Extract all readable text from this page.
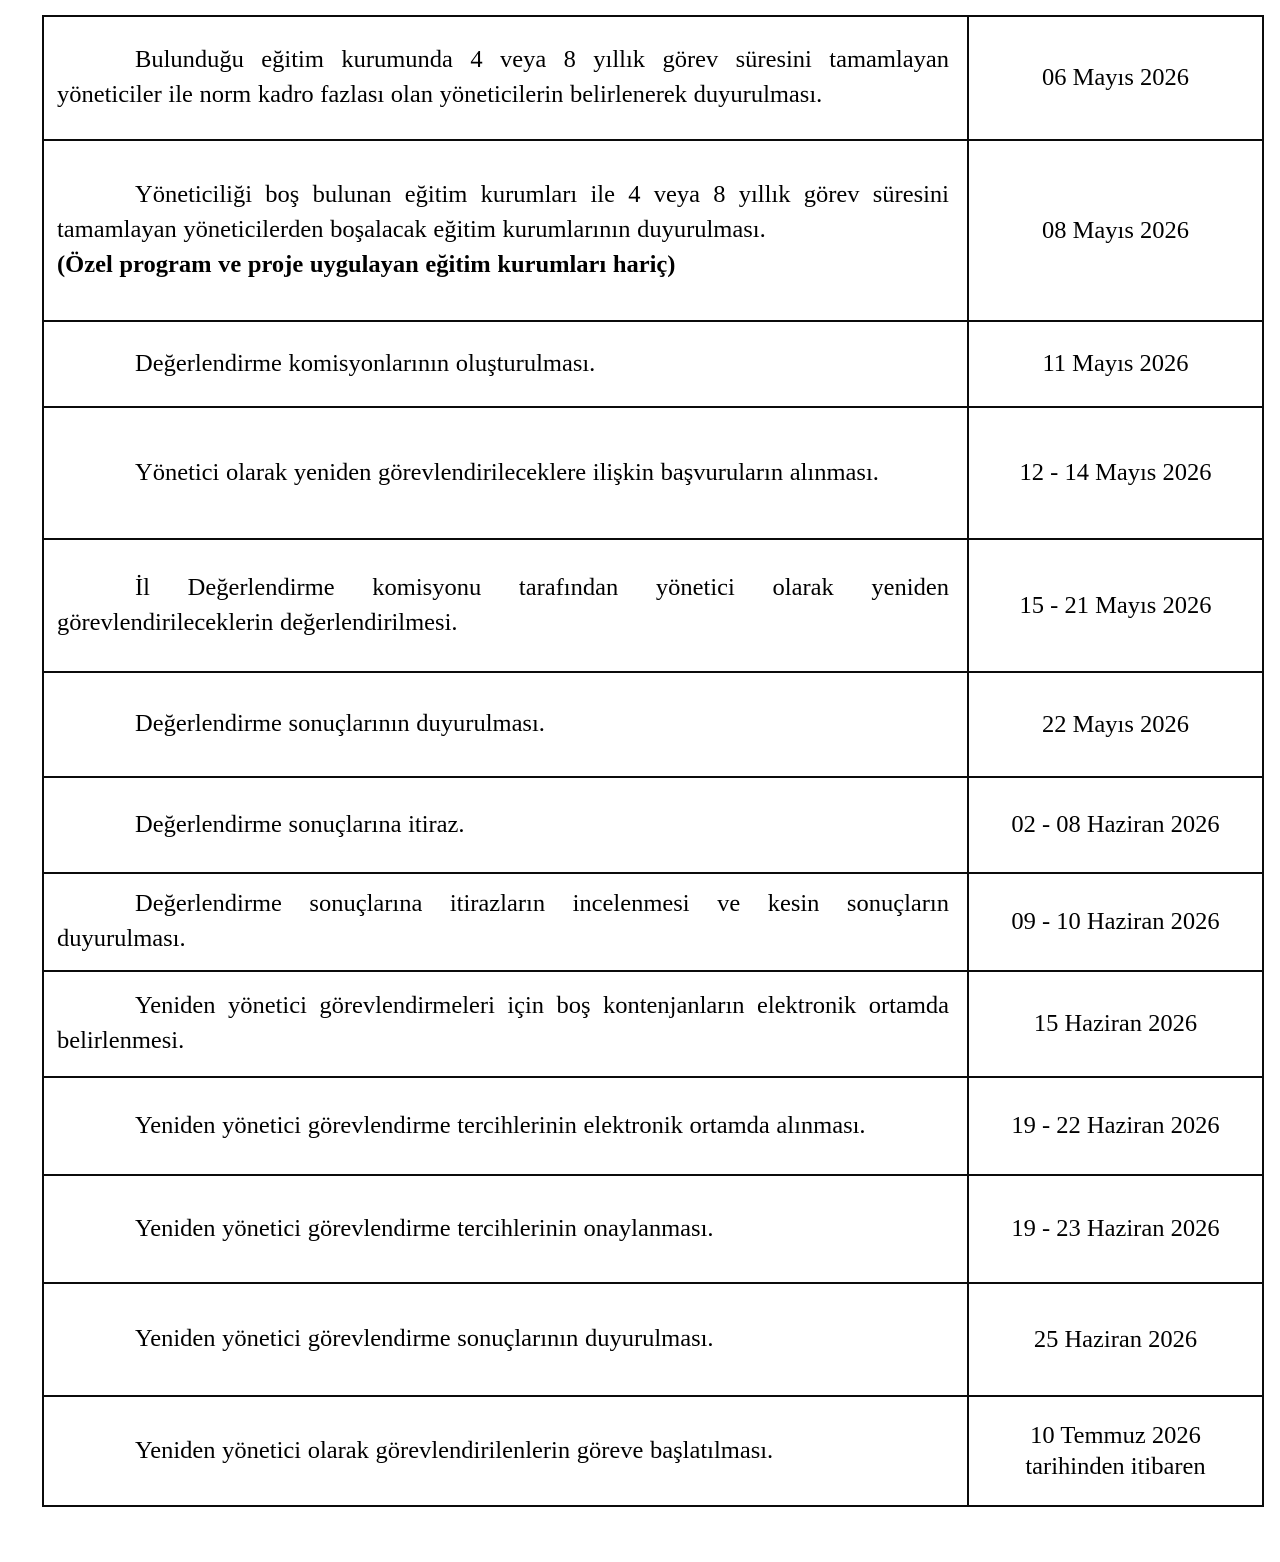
Bulunduğu eğitim kurumunda 4 veya 8 yıllık görev süresini tamamlayan yöneticiler ile norm kadro fazlası olan yöneticilerin belirlenerek duyurulması.	06 Mayıs 2026

Yöneticiliği boş bulunan eğitim kurumları ile 4 veya 8 yıllık görev süresini tamamlayan yöneticilerden boşalacak eğitim kurumlarının duyurulması.
(Özel program ve proje uygulayan eğitim kurumları hariç)	08 Mayıs 2026

Değerlendirme komisyonlarının oluşturulması.	11 Mayıs 2026

Yönetici olarak yeniden görevlendirileceklere ilişkin başvuruların alınması.	12 - 14 Mayıs 2026

İl Değerlendirme komisyonu tarafından yönetici olarak yeniden görevlendirileceklerin değerlendirilmesi.	15 - 21 Mayıs 2026

Değerlendirme sonuçlarının duyurulması.	22 Mayıs 2026

Değerlendirme sonuçlarına itiraz.	02 - 08 Haziran 2026

Değerlendirme sonuçlarına itirazların incelenmesi ve kesin sonuçların duyurulması.	09 - 10 Haziran 2026

Yeniden yönetici görevlendirmeleri için boş kontenjanların elektronik ortamda belirlenmesi.	15 Haziran 2026

Yeniden yönetici görevlendirme tercihlerinin elektronik ortamda alınması.	19 - 22 Haziran 2026

Yeniden yönetici görevlendirme tercihlerinin onaylanması.	19 - 23 Haziran 2026

Yeniden yönetici görevlendirme sonuçlarının duyurulması.	25 Haziran 2026

Yeniden yönetici olarak görevlendirilenlerin göreve başlatılması.	10 Temmuz 2026
tarihinden itibaren
